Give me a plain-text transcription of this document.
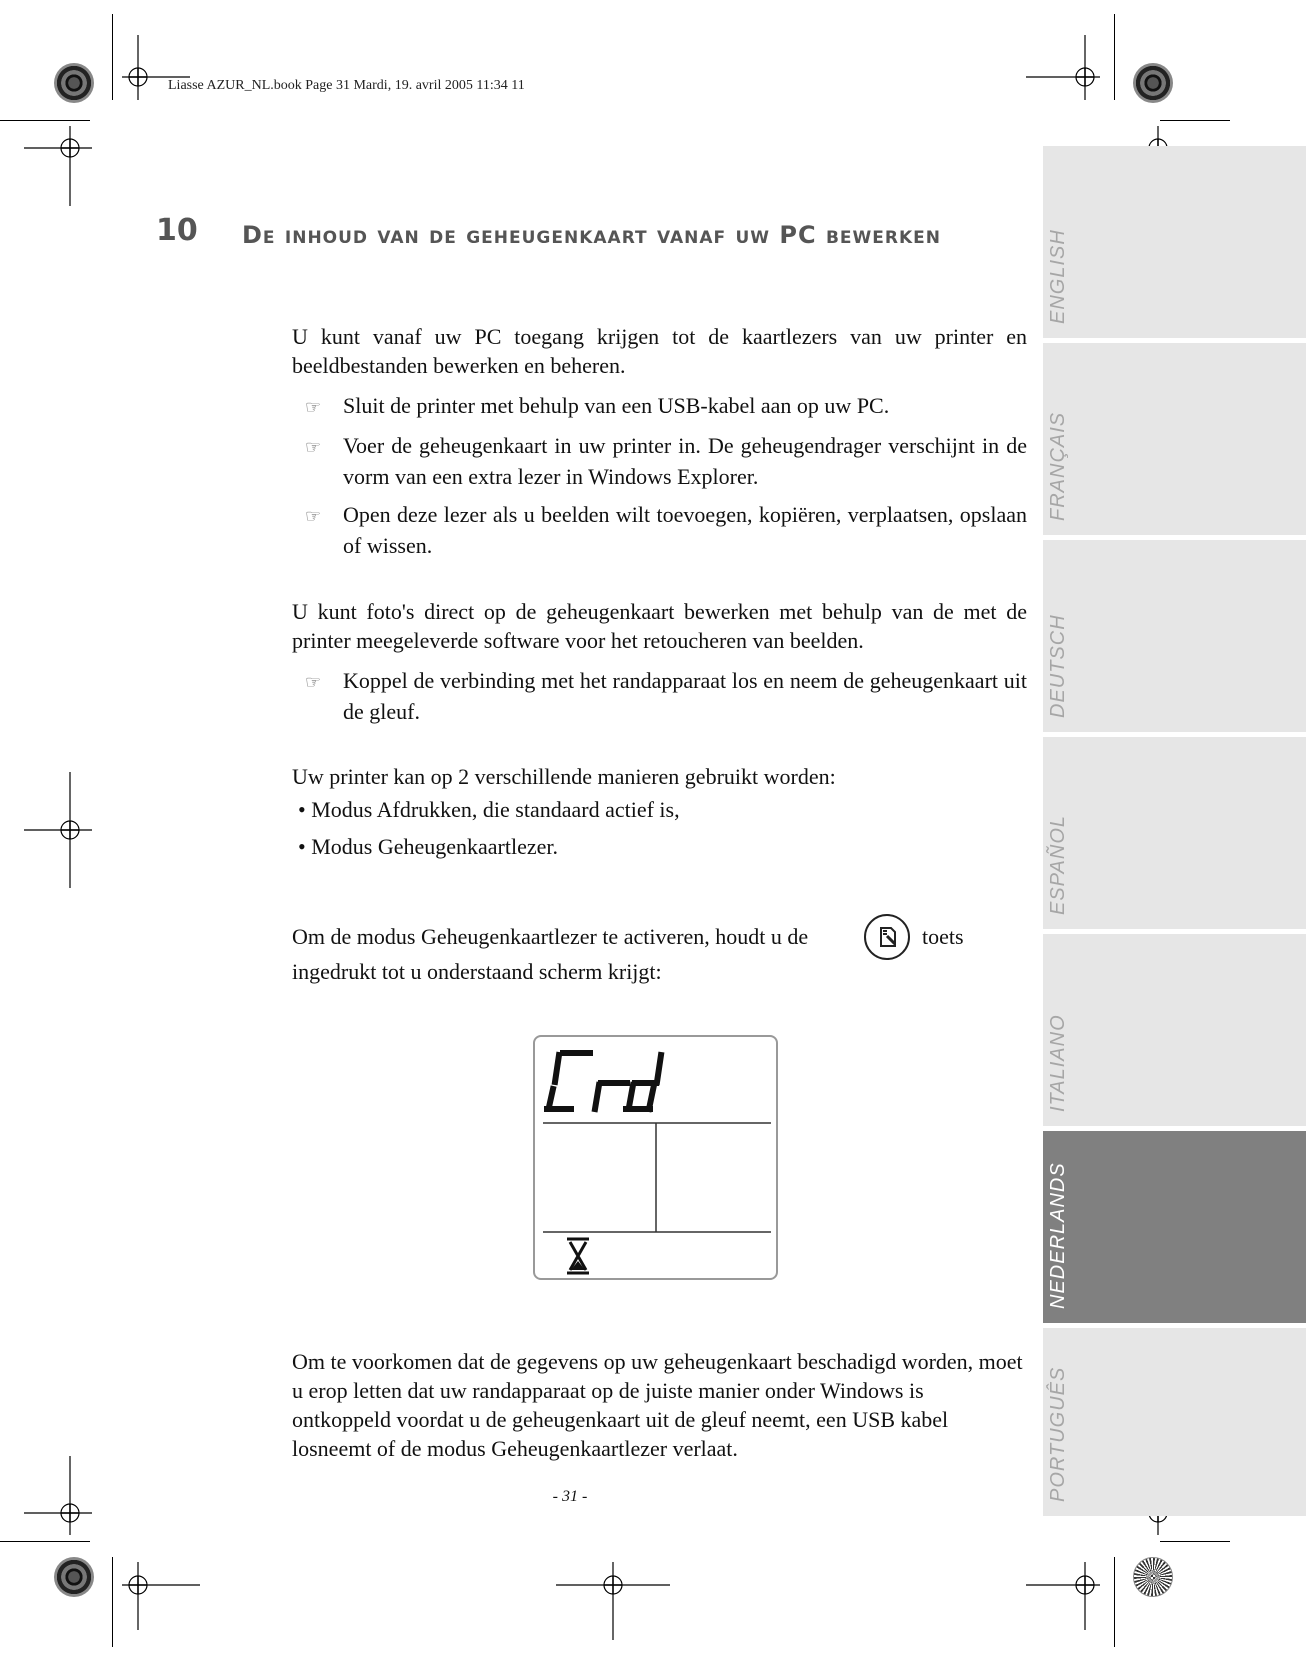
Liasse AZUR_NL.book Page 31 Mardi, 19. avril 2005 11:34 11
10 De inhoud van de geheugenkaart vanaf uw PC bewerken
U kunt vanaf uw PC toegang krijgen tot de kaartlezers van uw printer en beeldbestanden bewerken en beheren.
☞ Sluit de printer met behulp van een USB-kabel aan op uw PC.
☞ Voer de geheugenkaart in uw printer in. De geheugendrager verschijnt in de vorm van een extra lezer in Windows Explorer.
☞ Open deze lezer als u beelden wilt toevoegen, kopiëren, verplaatsen, opslaan of wissen.
U kunt foto's direct op de geheugenkaart bewerken met behulp van de met de printer meegeleverde software voor het retoucheren van beelden.
☞ Koppel de verbinding met het randapparaat los en neem de geheugenkaart uit de gleuf.
Uw printer kan op 2 verschillende manieren gebruikt worden:
• Modus Afdrukken, die standaard actief is,
• Modus Geheugenkaartlezer.
Om de modus Geheugenkaartlezer te activeren, houdt u de	toets
ingedrukt tot u onderstaand scherm krijgt:
Om te voorkomen dat de gegevens op uw geheugenkaart beschadigd worden, moet u erop letten dat uw randapparaat op de juiste manier onder Windows is ontkoppeld voordat u de geheugenkaart uit de gleuf neemt, een USB kabel losneemt of de modus Geheugenkaartlezer verlaat.
- 31 -
ENGLISH
FRANÇAIS
DEUTSCH
ESPAÑOL
ITALIANO
NEDERLANDS
PORTUGUÊS
